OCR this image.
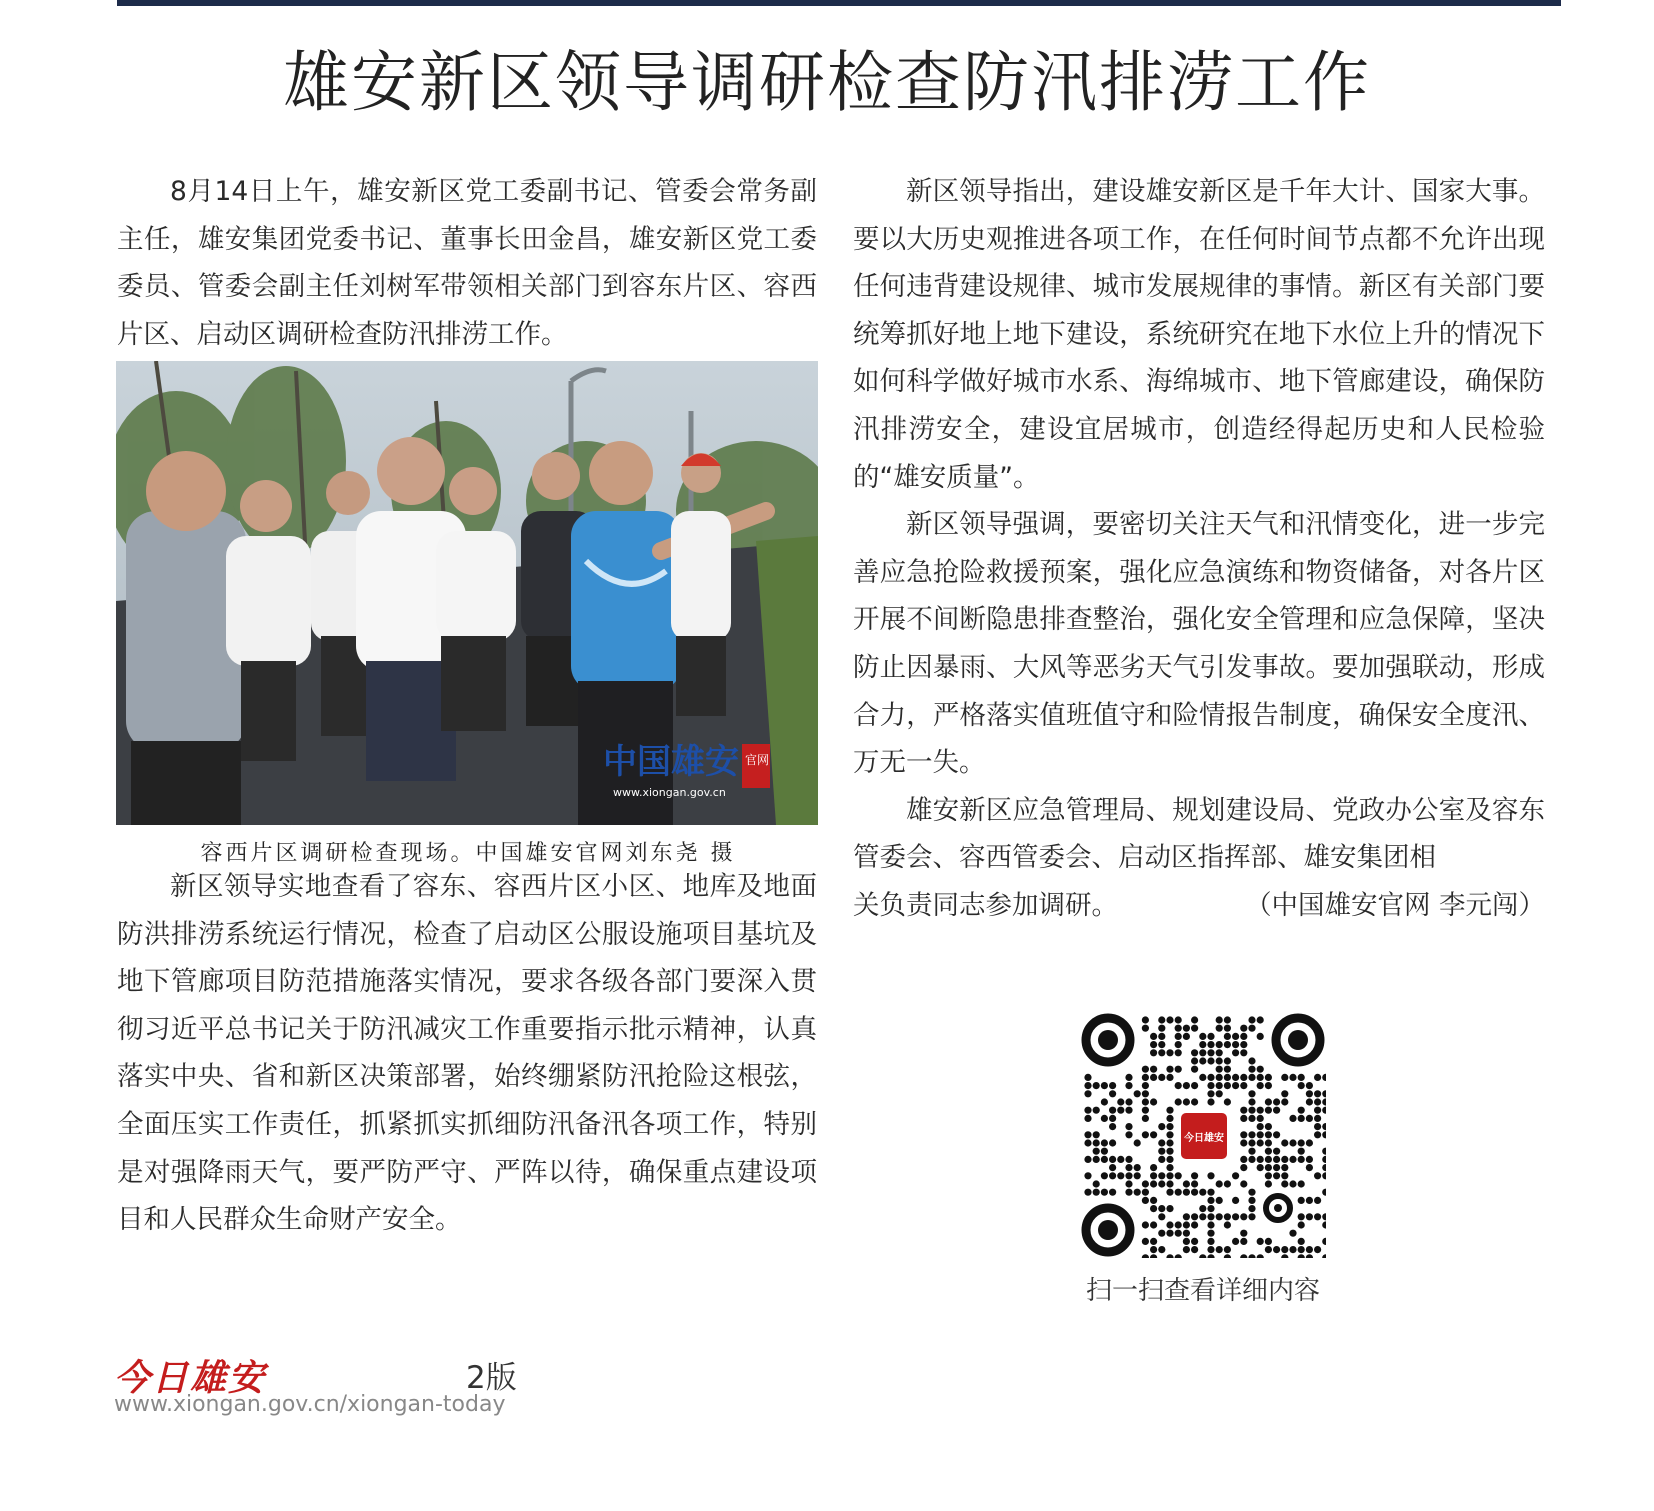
雄安新区领导调研检查防汛排涝工作

8月14日上午，雄安新区党工委副书记、管委会常务副主任，雄安集团党委书记、董事长田金昌，雄安新区党工委委员、管委会副主任刘树军带领相关部门到容东片区、容西片区、启动区调研检查防汛排涝工作。

中国雄安 官网
www.xiongan.gov.cn
容西片区调研检查现场。中国雄安官网刘东尧 摄

新区领导实地查看了容东、容西片区小区、地库及地面防洪排涝系统运行情况，检查了启动区公服设施项目基坑及地下管廊项目防范措施落实情况，要求各级各部门要深入贯彻习近平总书记关于防汛减灾工作重要指示批示精神，认真落实中央、省和新区决策部署，始终绷紧防汛抢险这根弦，全面压实工作责任，抓紧抓实抓细防汛备汛各项工作，特别是对强降雨天气，要严防严守、严阵以待，确保重点建设项目和人民群众生命财产安全。

新区领导指出，建设雄安新区是千年大计、国家大事。要以大历史观推进各项工作，在任何时间节点都不允许出现任何违背建设规律、城市发展规律的事情。新区有关部门要统筹抓好地上地下建设，系统研究在地下水位上升的情况下如何科学做好城市水系、海绵城市、地下管廊建设，确保防汛排涝安全，建设宜居城市，创造经得起历史和人民检验的“雄安质量”。

新区领导强调，要密切关注天气和汛情变化，进一步完善应急抢险救援预案，强化应急演练和物资储备，对各片区开展不间断隐患排查整治，强化安全管理和应急保障，坚决防止因暴雨、大风等恶劣天气引发事故。要加强联动，形成合力，严格落实值班值守和险情报告制度，确保安全度汛、万无一失。

雄安新区应急管理局、规划建设局、党政办公室及容东管委会、容西管委会、启动区指挥部、雄安集团相

关负责同志参加调研。	（中国雄安官网 李元闯）
今日雄安
扫一扫查看详细内容
今日雄安	2版
www.xiongan.gov.cn/xiongan-today
